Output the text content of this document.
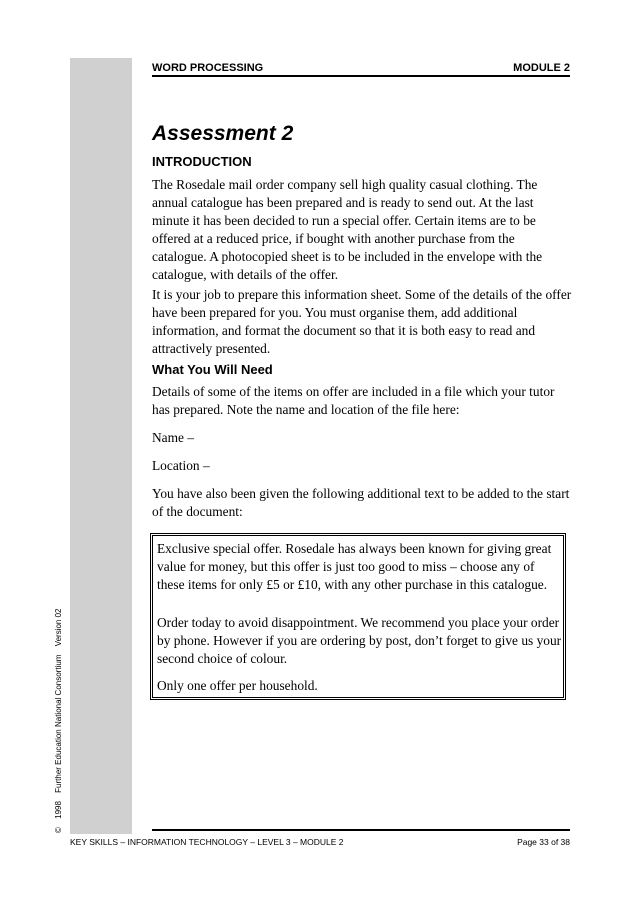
WORD PROCESSING	MODULE 2
Assessment 2
INTRODUCTION

The Rosedale mail order company sell high quality casual clothing. The annual catalogue has been prepared and is ready to send out. At the last minute it has been decided to run a special offer. Certain items are to be offered at a reduced price, if bought with another purchase from the catalogue. A photocopied sheet is to be included in the envelope with the catalogue, with details of the offer.

It is your job to prepare this information sheet. Some of the details of the offer have been prepared for you. You must organise them, add additional information, and format the document so that it is both easy to read and attractively presented.

What You Will Need

Details of some of the items on offer are included in a file which your tutor has prepared. Note the name and location of the file here:

Name –

Location –

You have also been given the following additional text to be added to the start of the document:

Exclusive special offer. Rosedale has always been known for giving great value for money, but this offer is just too good to miss – choose any of these items for only £5 or £10, with any other purchase in this catalogue.

Order today to avoid disappointment. We recommend you place your order by phone. However if you are ordering by post, don’t forget to give us your second choice of colour.

Only one offer per household.

© 1998 Further Education National Consortium Version 02
KEY SKILLS – INFORMATION TECHNOLOGY – LEVEL 3 – MODULE 2	Page 33 of 38
